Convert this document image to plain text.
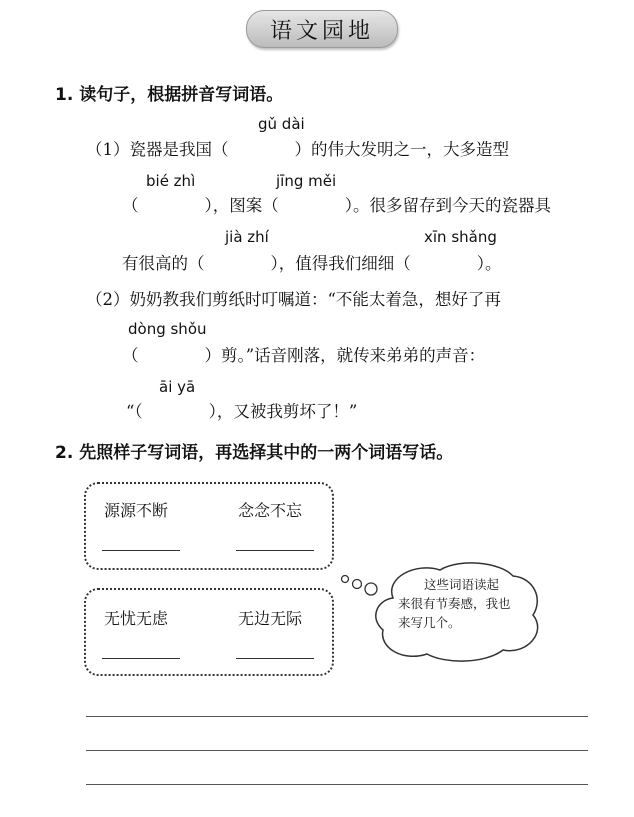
语文园地
1. 读句子，根据拼音写词语。
gǔ dài
（1）瓷器是我国（　　　　）的伟大发明之一，大多造型
bié zhì	jīng měi
（　　　　），图案（　　　　）。很多留存到今天的瓷器具
jià zhí	xīn shǎng
有很高的（　　　　），值得我们细细（　　　　）。
（2）奶奶教我们剪纸时叮嘱道：“不能太着急，想好了再
dòng shǒu
（　　　　）剪。”话音刚落，就传来弟弟的声音：
āi yā
“（　　　　），又被我剪坏了！”
2. 先照样子写词语，再选择其中的一两个词语写话。
源源不断	念念不忘
无忧无虑	无边无际
这些词语读起
来很有节奏感，我也
来写几个。
